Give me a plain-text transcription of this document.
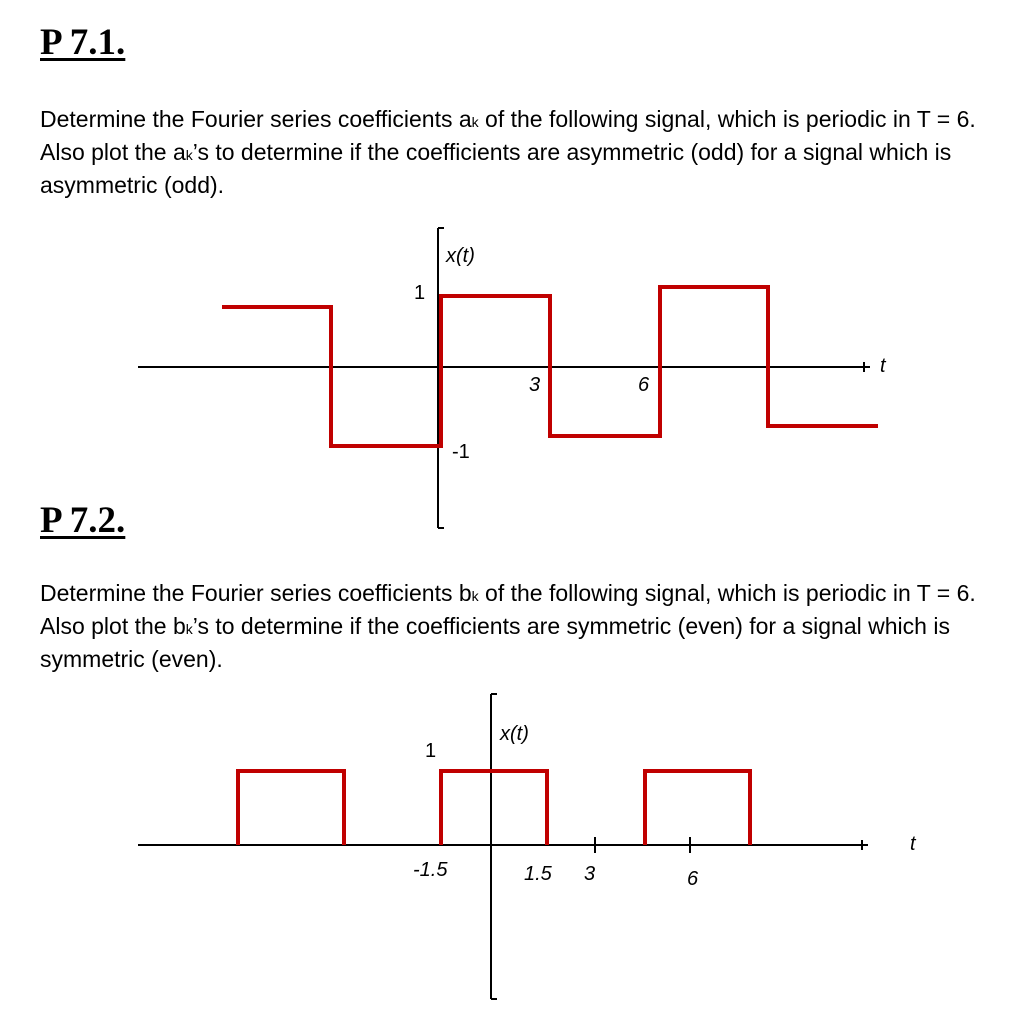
P 7.1.

Determine the Fourier series coefficients ak of the following signal, which is periodic in T = 6. Also plot the ak’s to determine if the coefficients are asymmetric (odd) for a signal which is asymmetric (odd).

P 7.2.

Determine the Fourier series coefficients bk of the following signal, which is periodic in T = 6. Also plot the bk’s to determine if the coefficients are symmetric (even) for a signal which is symmetric (even).

x(t)
1
-1
3	6
t
x(t)
1
-1.5	1.5 3	6
t
